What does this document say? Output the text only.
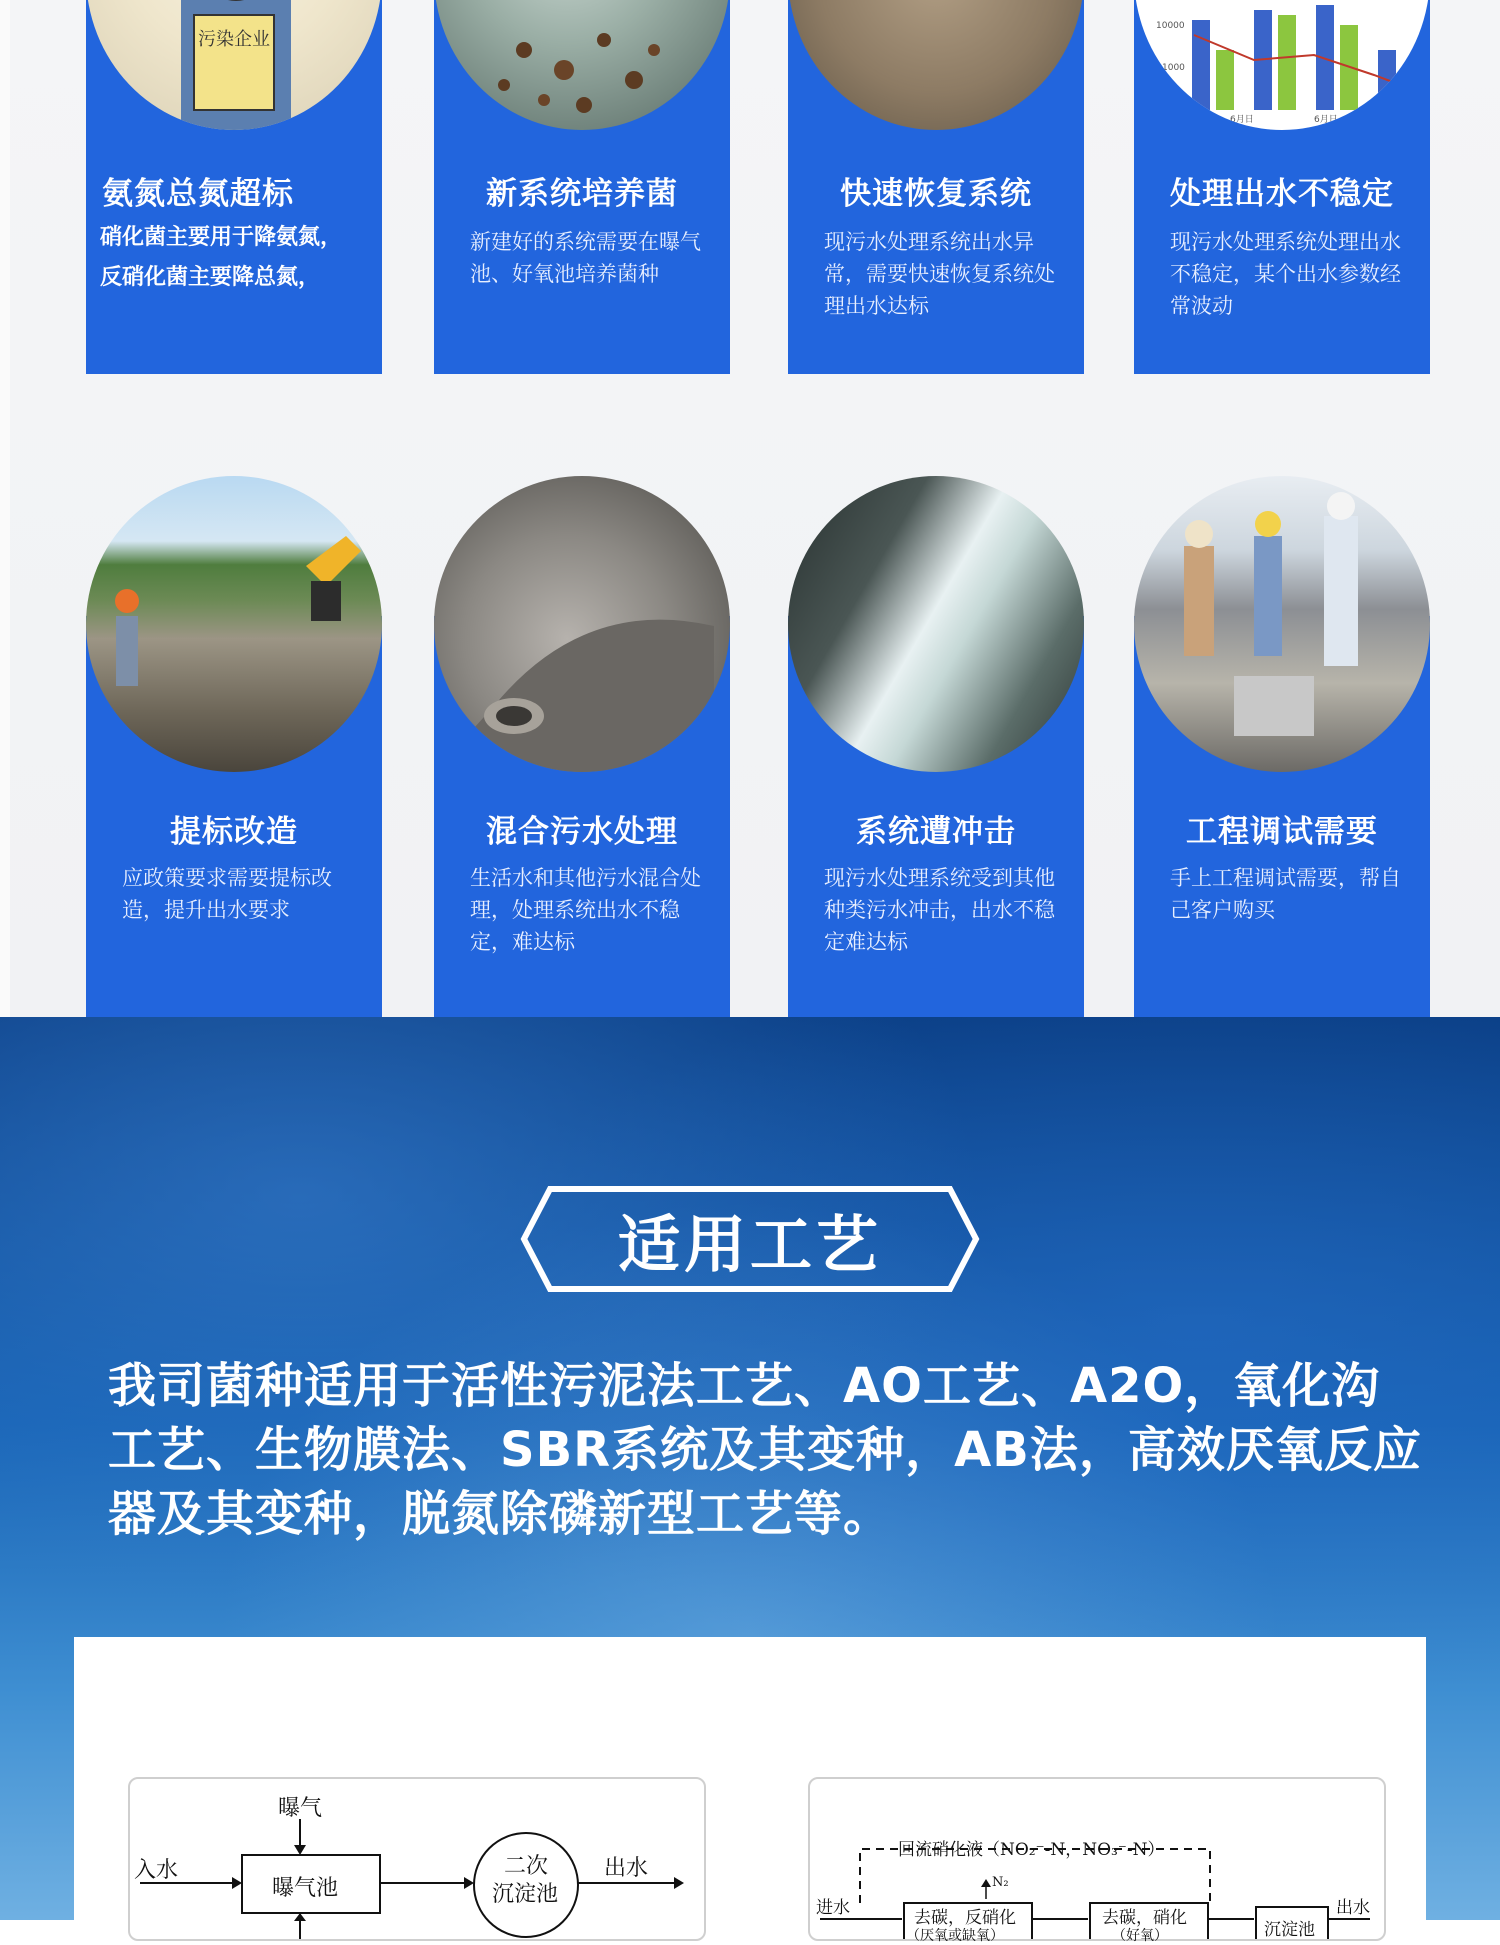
污染企业
氨氮总氮超标
硝化菌主要用于降氨氮，反硝化菌主要降总氮，
新系统培养菌
新建好的系统需要在曝气池、好氧池培养菌种
快速恢复系统
现污水处理系统出水异常，需要快速恢复系统处理出水达标
10000
1000
6月日	6月日
处理出水不稳定
现污水处理系统处理出水不稳定，某个出水参数经常波动
提标改造
应政策要求需要提标改造，提升出水要求
混合污水处理
生活水和其他污水混合处理，处理系统出水不稳定，难达标
系统遭冲击
现污水处理系统受到其他种类污水冲击，出水不稳定难达标
工程调试需要
手上工程调试需要，帮自己客户购买
适用工艺
我司菌种适用于活性污泥法工艺、AO工艺、A2O，氧化沟工艺、生物膜法、SBR系统及其变种，AB法，高效厌氧反应器及其变种，脱氮除磷新型工艺等。
曝气
入水
曝气池
二次
沉淀池
出水
回流硝化液（NO₂⁻-N，NO₃⁻-N）
N₂
进水	去碳，反硝化
（厌氧或缺氧）
去碳，硝化
（好氧）	沉淀池
出水
